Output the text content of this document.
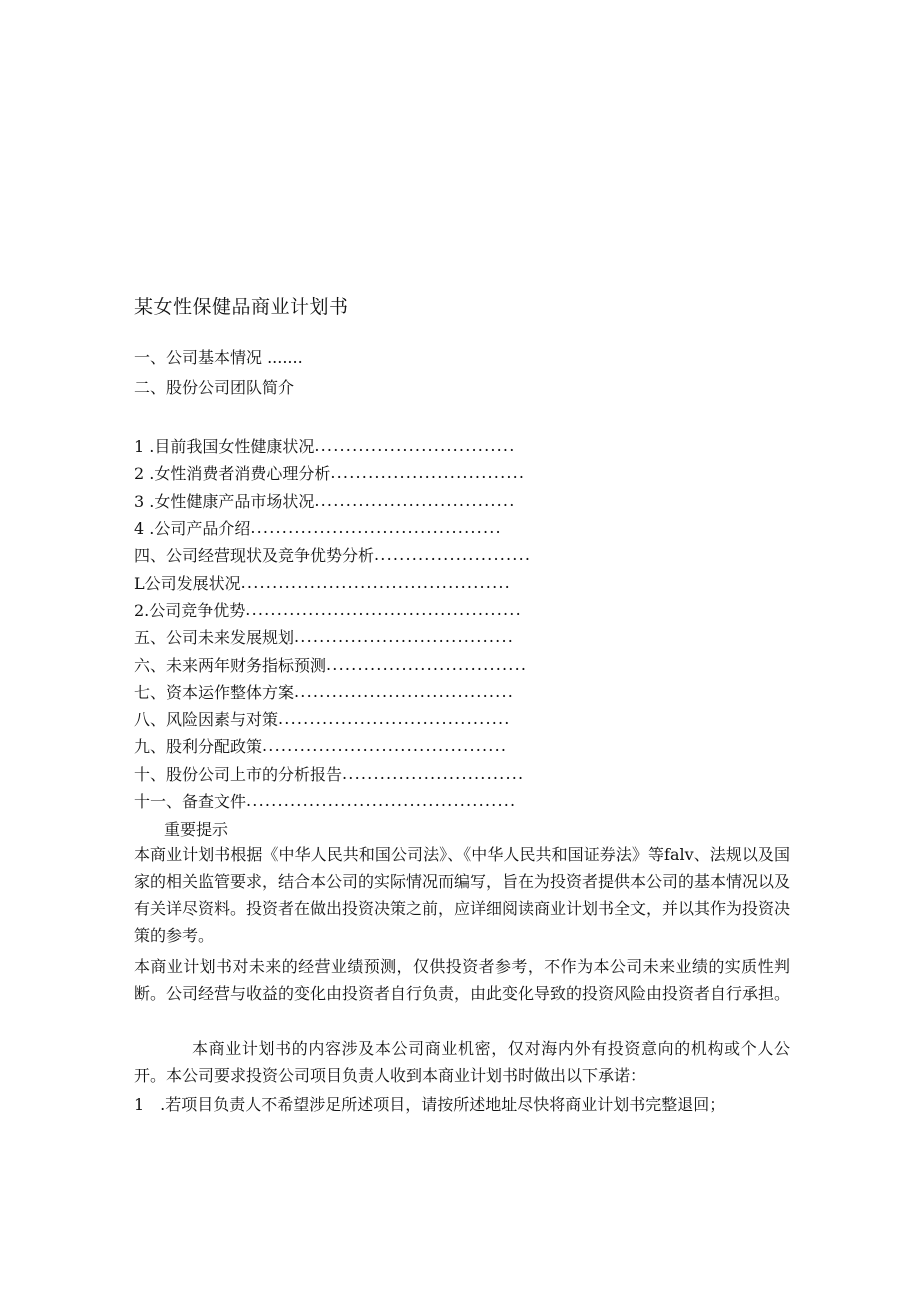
某女性保健品商业计划书
一、公司基本情况 .......
二、股份公司团队简介
1 .目前我国女性健康状况 ................................
2 .女性消费者消费心理分析 ...............................
3 .女性健康产品市场状况 ................................
4 .公司产品介绍 ........................................
四、公司经营现状及竞争优势分析 .........................
L公司发展状况 ...........................................
2.公司竞争优势 ............................................
五、公司未来发展规划 ...................................
六、未来两年财务指标预测 ................................
七、资本运作整体方案 ...................................
八、风险因素与对策 .....................................
九、股利分配政策 .......................................
十、股份公司上市的分析报告 .............................
十一、备查文件 ...........................................
重要提示
本商业计划书根据《中华人民共和国公司法》、《中华人民共和国证券法》等falv、法规以及国家的相关监管要求，结合本公司的实际情况而编写，旨在为投资者提供本公司的基本情况以及有关详尽资料。投资者在做出投资决策之前，应详细阅读商业计划书全文，并以其作为投资决策的参考。
本商业计划书对未来的经营业绩预测，仅供投资者参考，不作为本公司未来业绩的实质性判断。公司经营与收益的变化由投资者自行负责，由此变化导致的投资风险由投资者自行承担。
本商业计划书的内容涉及本公司商业机密，仅对海内外有投资意向的机构或个人公开。本公司要求投资公司项目负责人收到本商业计划书时做出以下承诺：
1　.若项目负责人不希望涉足所述项目，请按所述地址尽快将商业计划书完整退回；
